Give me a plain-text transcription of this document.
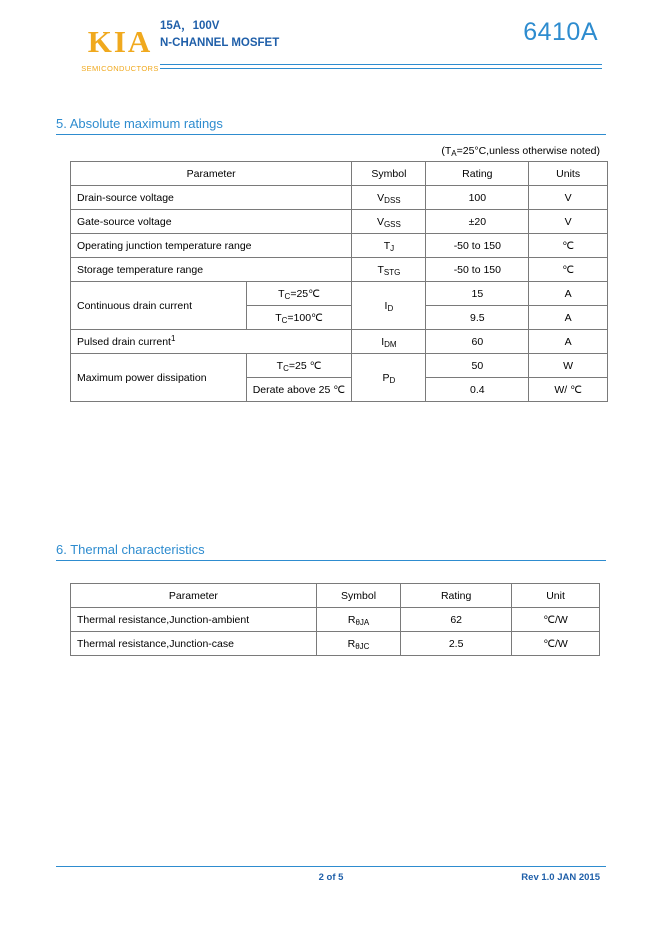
KIA
SEMICONDUCTORS
15A，100V
N-CHANNEL MOSFET	6410A
5. Absolute maximum ratings
($T_A=25^\circ C,unless$ otherwise noted)
Parameter		Symbol	Rating	Units
Drain-source voltage		$V_{DSS}$	100	V
Gate-source voltage		$V_{GSS}$	±20	V
Operating junction temperature range		$T_J$	-50 to 150	℃
Storage temperature range		$T_{STG}$	-50 to 150	℃
Continuous drain current	$T_C=25℃$	$I_D$	15	A
	$T_C=100℃$		9.5	A
Pulsed drain current$^1$		$I_{DM}$	60	A
Maximum power dissipation	$T_C=25$ ℃	$P_D$	50	W
	Derate above 25 ℃		0.4	W/ ℃
6. Thermal characteristics
Parameter	Symbol	Rating	Unit
Thermal resistance,Junction-ambient	$R_{\theta JA}$	62	℃/W
Thermal resistance,Junction-case	$R_{\theta JC}$	2.5	℃/W
2 of 5	Rev 1.0 JAN 2015
